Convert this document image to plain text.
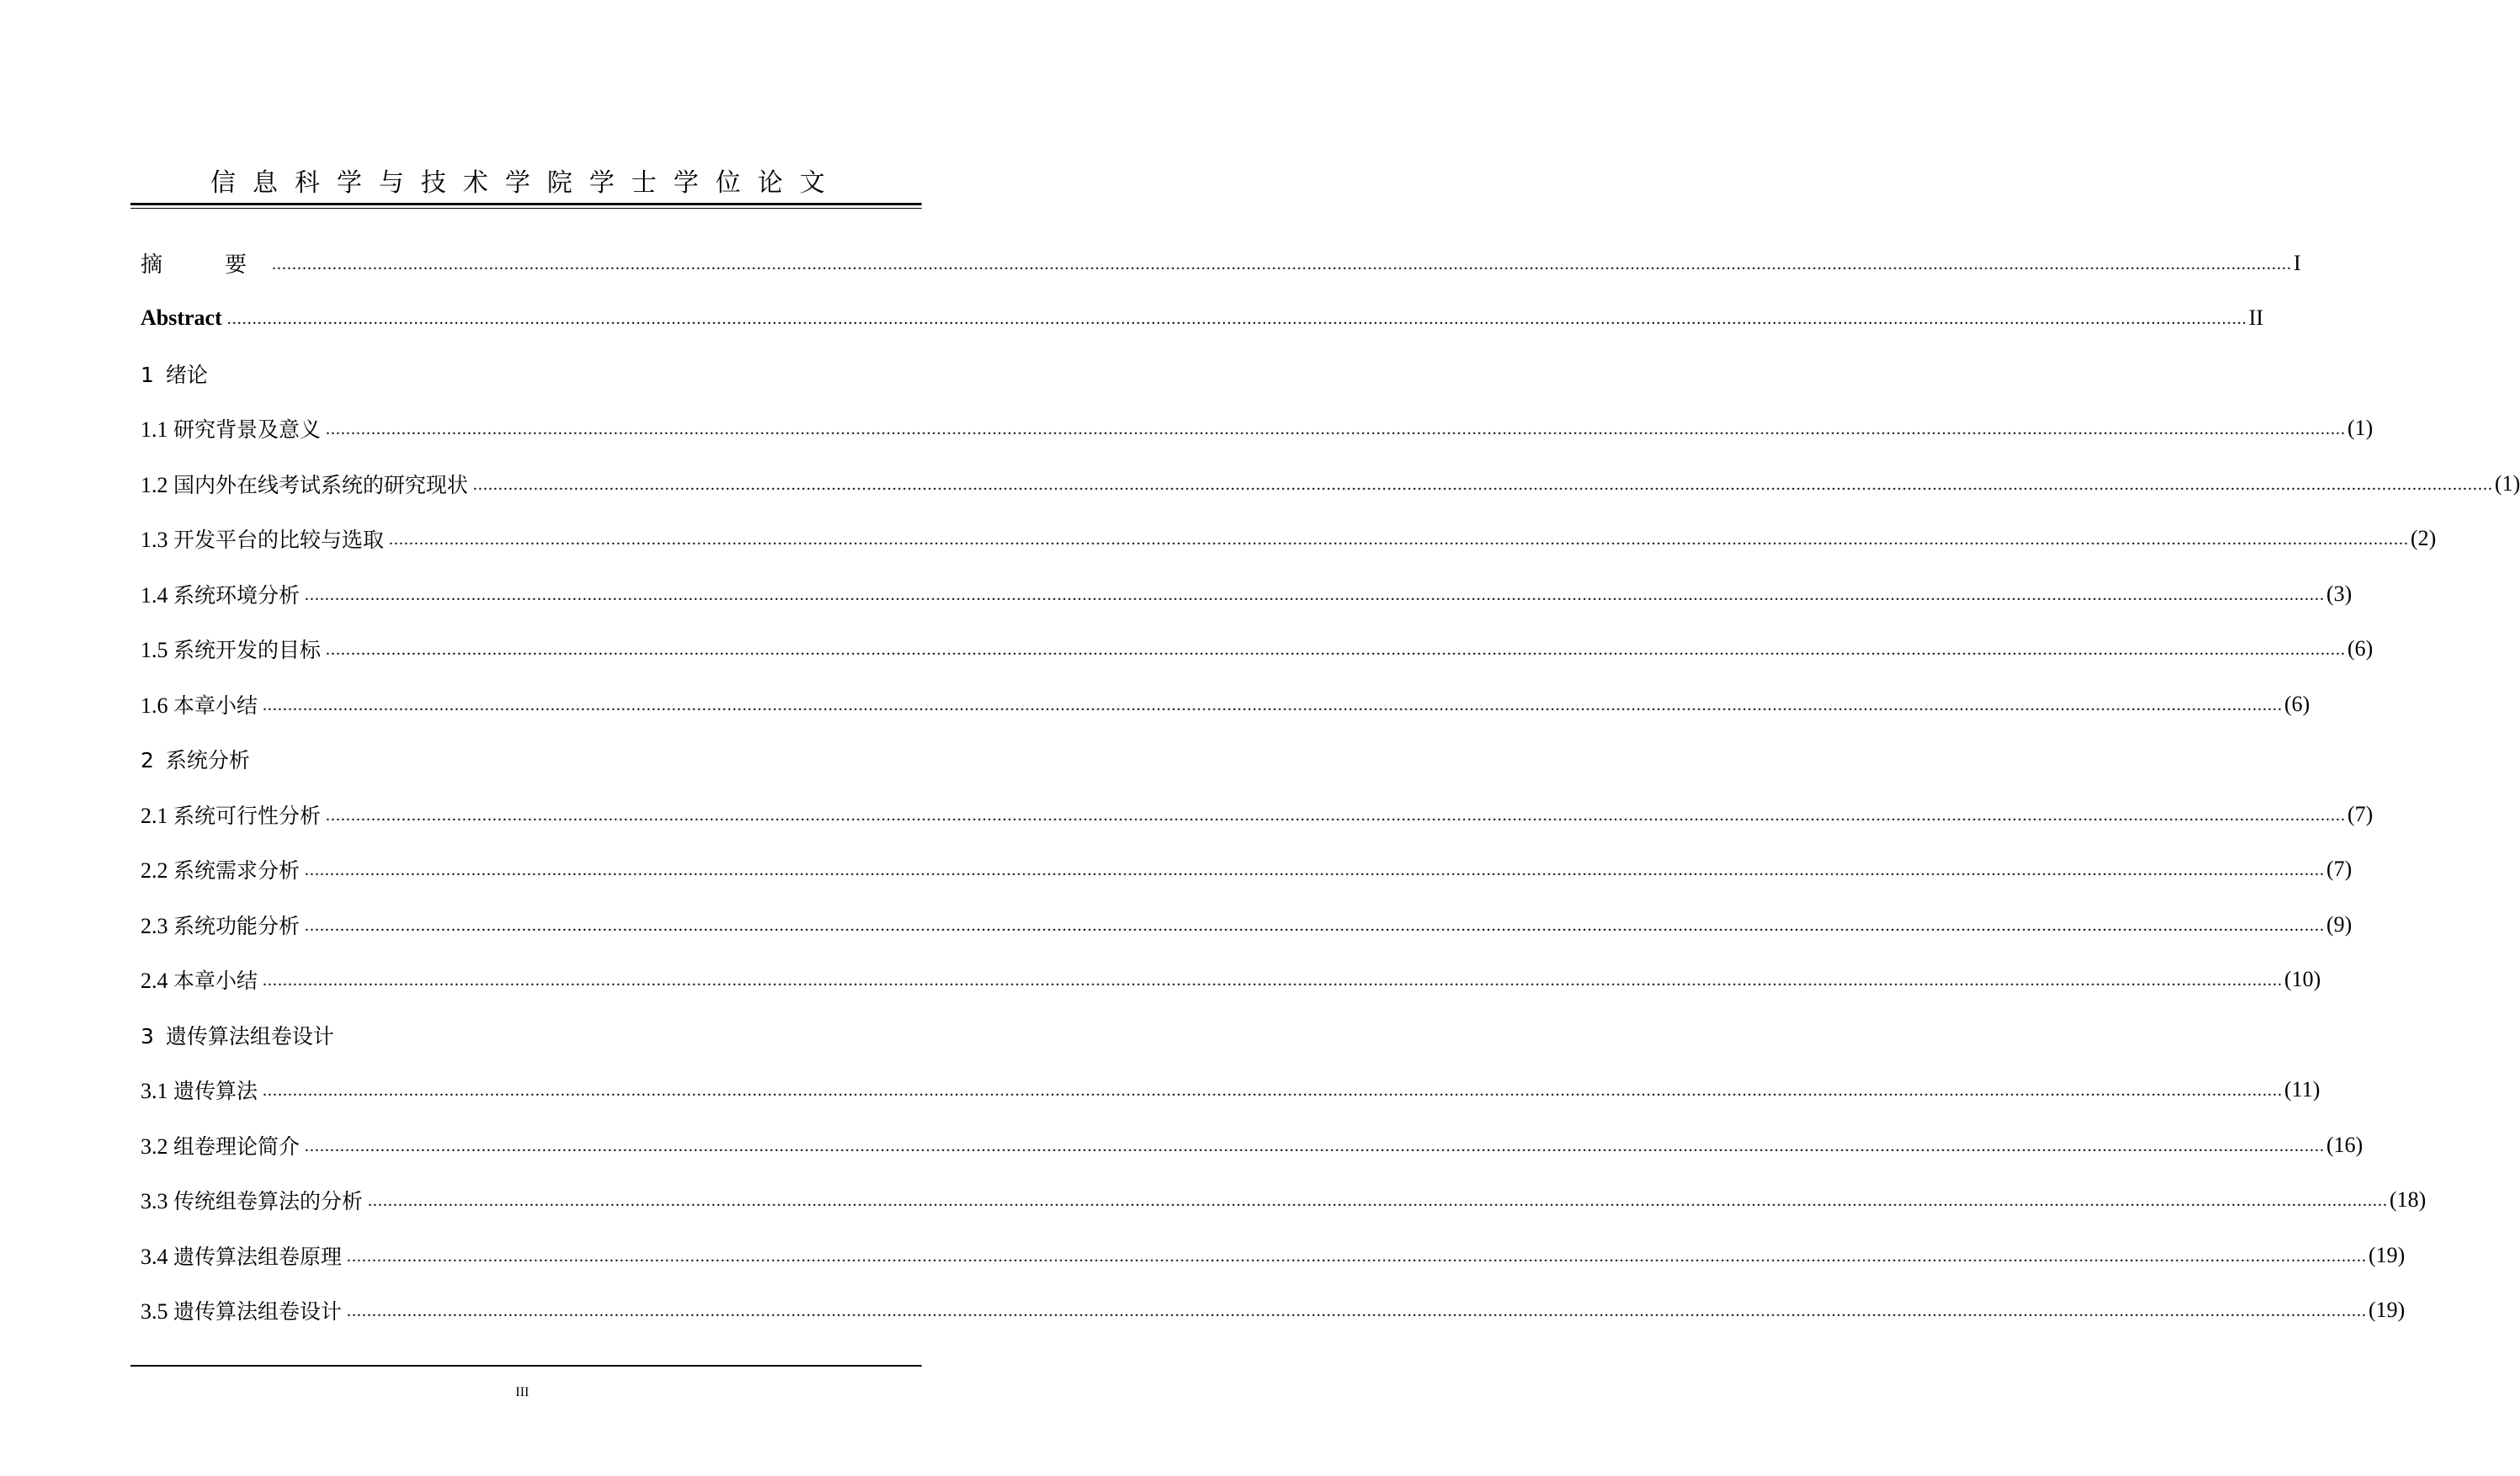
信息科学与技术学院学士学位论文
摘　要 ................................................................................................................................................................................................................................................................................................................................................................................................................ I
Abstract ................................................................................................................................................................................................................................................................................................................................................................................................................ II
1 绪论
1.1 研究背景及意义 ................................................................................................................................................................................................................................................................................................................................................................................................................ (1)
1.2 国内外在线考试系统的研究现状 ................................................................................................................................................................................................................................................................................................................................................................................................................ (1)
1.3 开发平台的比较与选取 ................................................................................................................................................................................................................................................................................................................................................................................................................ (2)
1.4 系统环境分析 ................................................................................................................................................................................................................................................................................................................................................................................................................ (3)
1.5 系统开发的目标 ................................................................................................................................................................................................................................................................................................................................................................................................................ (6)
1.6 本章小结 ................................................................................................................................................................................................................................................................................................................................................................................................................ (6)
2 系统分析
2.1 系统可行性分析 ................................................................................................................................................................................................................................................................................................................................................................................................................ (7)
2.2 系统需求分析 ................................................................................................................................................................................................................................................................................................................................................................................................................ (7)
2.3 系统功能分析 ................................................................................................................................................................................................................................................................................................................................................................................................................ (9)
2.4 本章小结 ................................................................................................................................................................................................................................................................................................................................................................................................................ (10)
3 遗传算法组卷设计
3.1 遗传算法 ................................................................................................................................................................................................................................................................................................................................................................................................................ (11)
3.2 组卷理论简介 ................................................................................................................................................................................................................................................................................................................................................................................................................ (16)
3.3 传统组卷算法的分析 ................................................................................................................................................................................................................................................................................................................................................................................................................ (18)
3.4 遗传算法组卷原理 ................................................................................................................................................................................................................................................................................................................................................................................................................ (19)
3.5 遗传算法组卷设计 ................................................................................................................................................................................................................................................................................................................................................................................................................ (19)
III
